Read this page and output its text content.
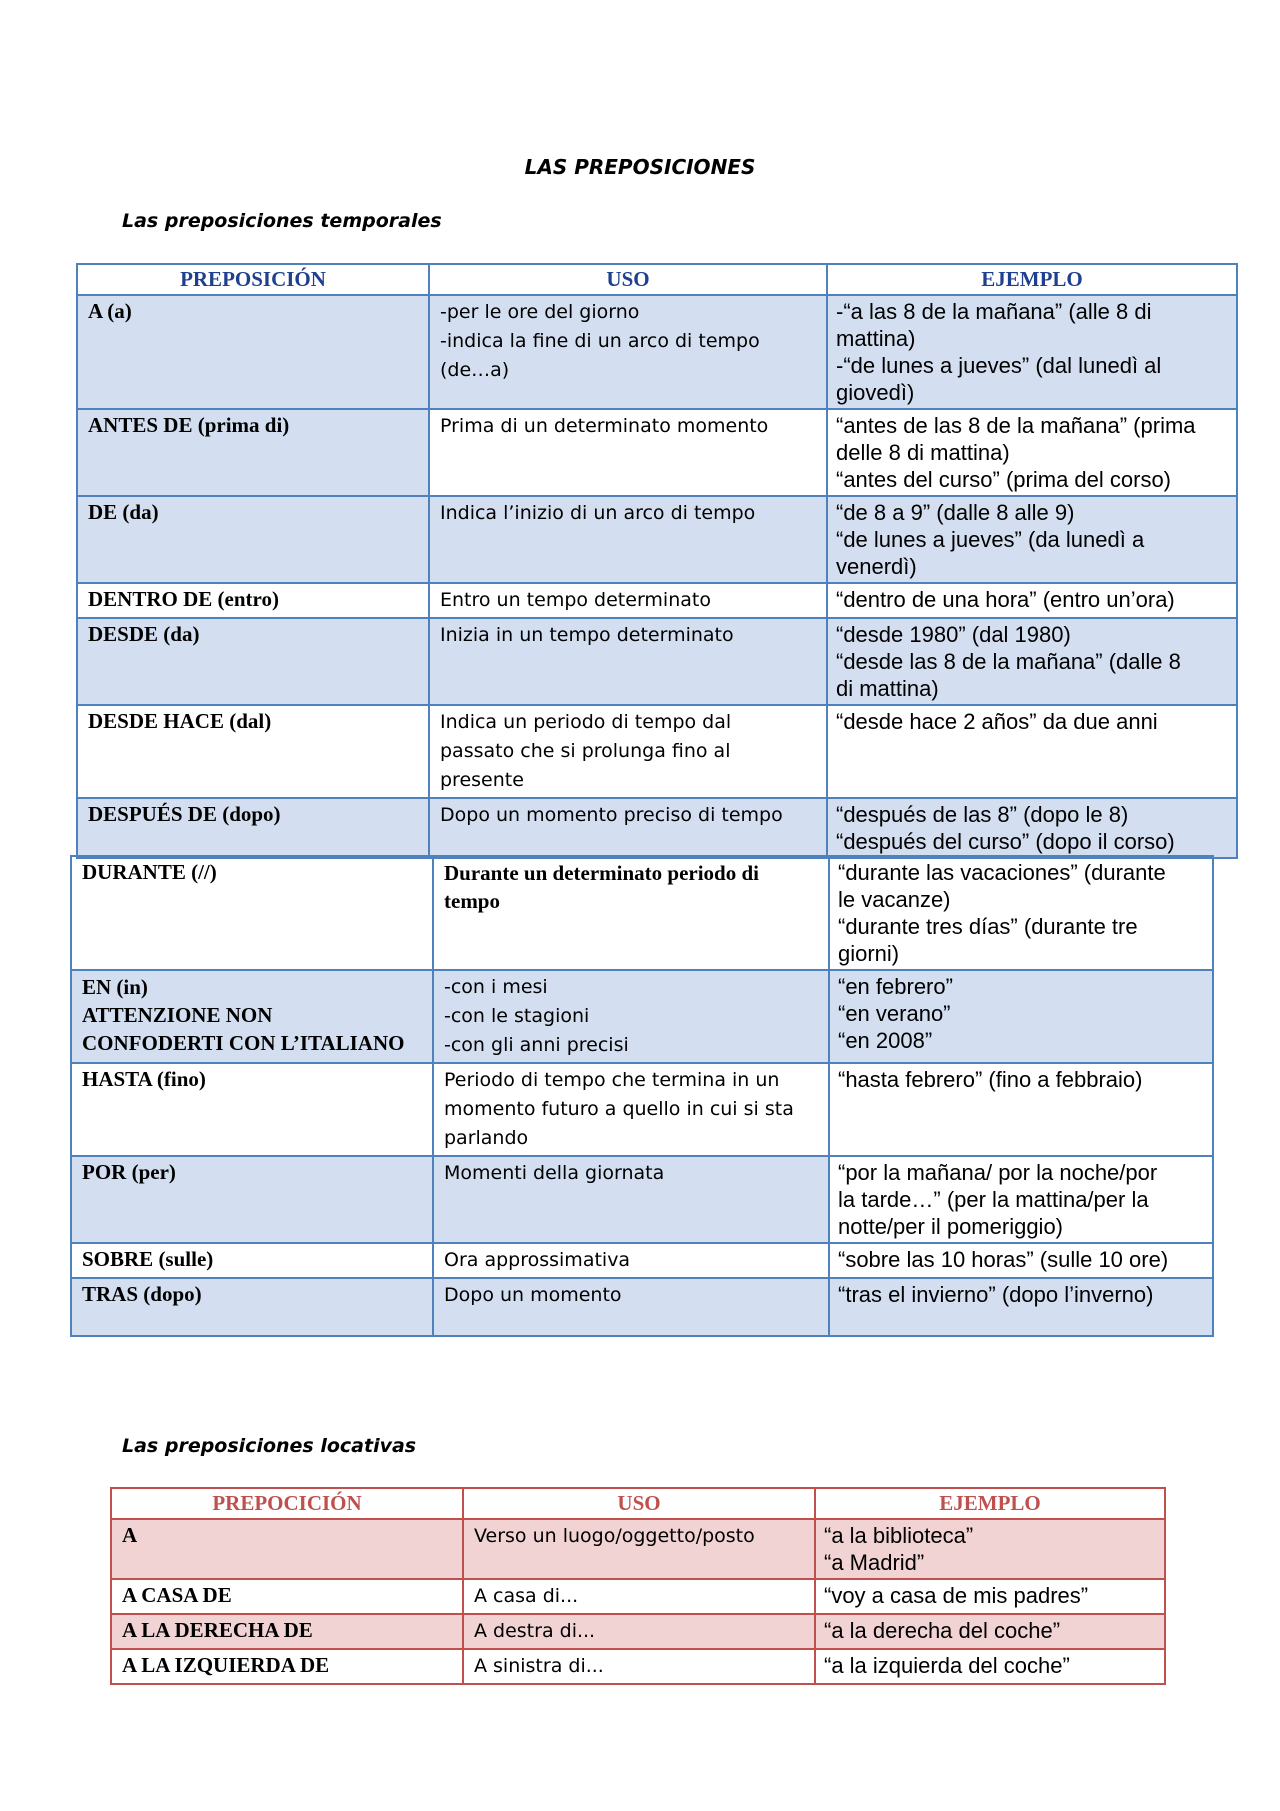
LAS PREPOSICIONES
Las preposiciones temporales
PREPOSICIÓN	USO	EJEMPLO
A (a)	-per le ore del giorno
-indica la fine di un arco di tempo
(de…a)	-“a las 8 de la mañana” (alle 8 di
mattina)
-“de lunes a jueves” (dal lunedì al
giovedì)
ANTES DE (prima di)	Prima di un determinato momento	“antes de las 8 de la mañana” (prima
delle 8 di mattina)
“antes del curso” (prima del corso)
DE (da)	Indica l’inizio di un arco di tempo	“de 8 a 9” (dalle 8 alle 9)
“de lunes a jueves” (da lunedì a
venerdì)
DENTRO DE (entro)	Entro un tempo determinato	“dentro de una hora” (entro un’ora)
DESDE (da)	Inizia in un tempo determinato	“desde 1980” (dal 1980)
“desde las 8 de la mañana” (dalle 8
di mattina)
DESDE HACE (dal)	Indica un periodo di tempo dal
passato che si prolunga fino al
presente	“desde hace 2 años” da due anni
DESPUÉS DE (dopo)	Dopo un momento preciso di tempo	“después de las 8” (dopo le 8)
“después del curso” (dopo il corso)
DURANTE (//)	Durante un determinato periodo di
tempo	“durante las vacaciones” (durante
le vacanze)
“durante tres días” (durante tre
giorni)
EN (in)
ATTENZIONE NON
CONFODERTI CON L’ITALIANO	-con i mesi
-con le stagioni
-con gli anni precisi	“en febrero”
“en verano”
“en 2008”
HASTA (fino)	Periodo di tempo che termina in un
momento futuro a quello in cui si sta
parlando	“hasta febrero” (fino a febbraio)
POR (per)	Momenti della giornata	“por la mañana/ por la noche/por
la tarde…” (per la mattina/per la
notte/per il pomeriggio)
SOBRE (sulle)	Ora approssimativa	“sobre las 10 horas” (sulle 10 ore)
TRAS (dopo)	Dopo un momento	“tras el invierno” (dopo l’inverno)
Las preposiciones locativas
PREPOCICIÓN	USO	EJEMPLO
A	Verso un luogo/oggetto/posto	“a la biblioteca”
“a Madrid”
A CASA DE	A casa di...	“voy a casa de mis padres”
A LA DERECHA DE	A destra di...	“a la derecha del coche”
A LA IZQUIERDA DE	A sinistra di...	“a la izquierda del coche”
